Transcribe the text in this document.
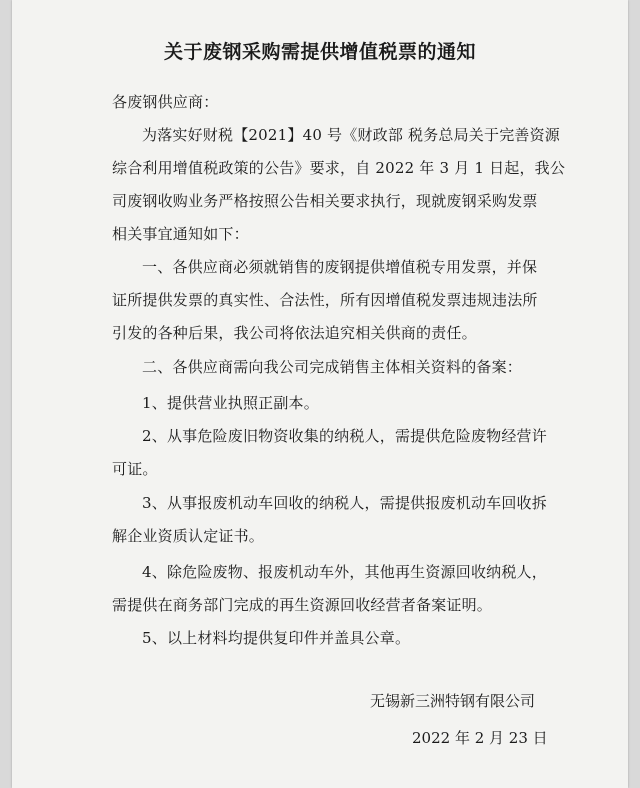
关于废钢采购需提供增值税票的通知
各废钢供应商：
为落实好财税【2021】40 号《财政部 税务总局关于完善资源
综合利用增值税政策的公告》要求，自 2022 年 3 月 1 日起，我公
司废钢收购业务严格按照公告相关要求执行，现就废钢采购发票
相关事宜通知如下：
一、各供应商必须就销售的废钢提供增值税专用发票，并保
证所提供发票的真实性、合法性，所有因增值税发票违规违法所
引发的各种后果，我公司将依法追究相关供商的责任。
二、各供应商需向我公司完成销售主体相关资料的备案：
1、提供营业执照正副本。
2、从事危险废旧物资收集的纳税人，需提供危险废物经营许
可证。
3、从事报废机动车回收的纳税人，需提供报废机动车回收拆
解企业资质认定证书。
4、除危险废物、报废机动车外，其他再生资源回收纳税人，
需提供在商务部门完成的再生资源回收经营者备案证明。
5、以上材料均提供复印件并盖具公章。
无锡新三洲特钢有限公司
2022 年 2 月 23 日
